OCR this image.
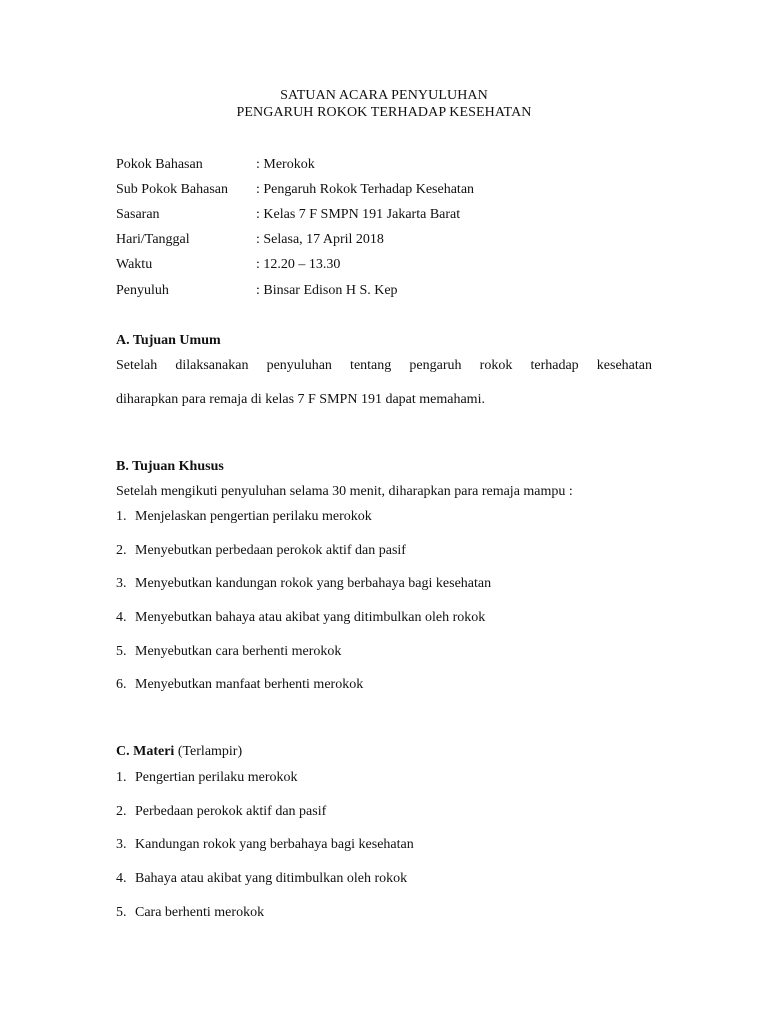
SATUAN ACARA PENYULUHAN
PENGARUH ROKOK TERHADAP KESEHATAN
Pokok Bahasan	: Merokok
Sub Pokok Bahasan : Pengaruh Rokok Terhadap Kesehatan
Sasaran	: Kelas 7 F SMPN 191 Jakarta Barat
Hari/Tanggal	: Selasa, 17 April 2018
Waktu	: 12.20 – 13.30
Penyuluh	: Binsar Edison H S. Kep
A. Tujuan Umum
Setelah dilaksanakan penyuluhan tentang pengaruh rokok terhadap kesehatan
diharapkan para remaja di kelas 7 F SMPN 191 dapat memahami.
B. Tujuan Khusus
Setelah mengikuti penyuluhan selama 30 menit, diharapkan para remaja mampu :
1. Menjelaskan pengertian perilaku merokok
2. Menyebutkan perbedaan perokok aktif dan pasif
3. Menyebutkan kandungan rokok yang berbahaya bagi kesehatan
4. Menyebutkan bahaya atau akibat yang ditimbulkan oleh rokok
5. Menyebutkan cara berhenti merokok
6. Menyebutkan manfaat berhenti merokok
C. Materi (Terlampir)
1. Pengertian perilaku merokok
2. Perbedaan perokok aktif dan pasif
3. Kandungan rokok yang berbahaya bagi kesehatan
4. Bahaya atau akibat yang ditimbulkan oleh rokok
5. Cara berhenti merokok
